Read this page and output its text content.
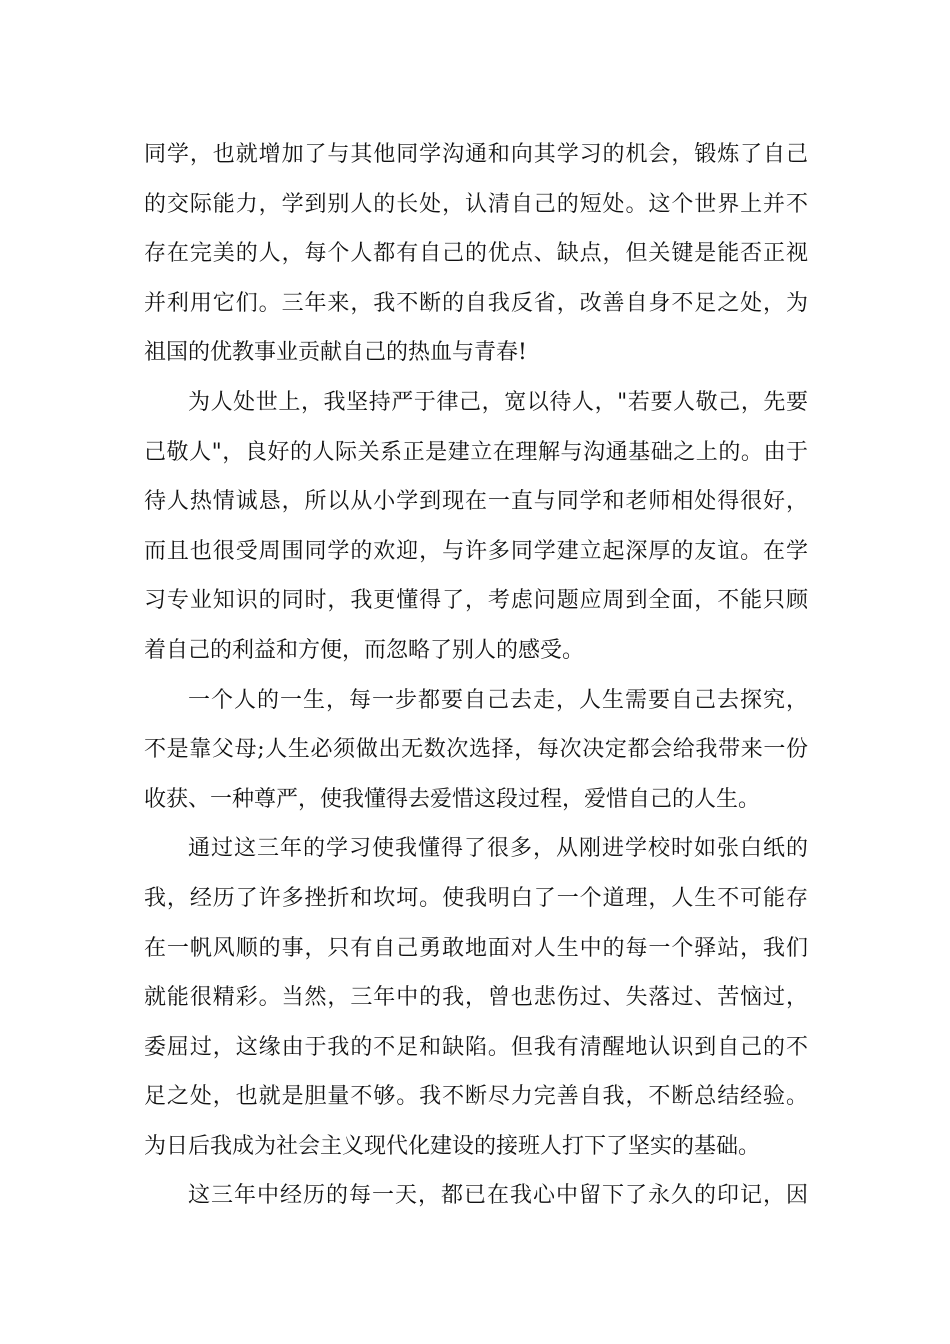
同学，也就增加了与其他同学沟通和向其学习的机会，锻炼了自己
的交际能力，学到别人的长处，认清自己的短处。这个世界上并不
存在完美的人，每个人都有自己的优点、缺点，但关键是能否正视
并利用它们。三年来，我不断的自我反省，改善自身不足之处，为
祖国的优教事业贡献自己的热血与青春!
为人处世上，我坚持严于律己，宽以待人，"若要人敬己，先要
己敬人"，良好的人际关系正是建立在理解与沟通基础之上的。由于
待人热情诚恳，所以从小学到现在一直与同学和老师相处得很好，
而且也很受周围同学的欢迎，与许多同学建立起深厚的友谊。在学
习专业知识的同时，我更懂得了，考虑问题应周到全面，不能只顾
着自己的利益和方便，而忽略了别人的感受。
一个人的一生，每一步都要自己去走，人生需要自己去探究，
不是靠父母;人生必须做出无数次选择，每次决定都会给我带来一份
收获、一种尊严，使我懂得去爱惜这段过程，爱惜自己的人生。
通过这三年的学习使我懂得了很多，从刚进学校时如张白纸的
我，经历了许多挫折和坎坷。使我明白了一个道理，人生不可能存
在一帆风顺的事，只有自己勇敢地面对人生中的每一个驿站，我们
就能很精彩。当然，三年中的我，曾也悲伤过、失落过、苦恼过，
委屈过，这缘由于我的不足和缺陷。但我有清醒地认识到自己的不
足之处，也就是胆量不够。我不断尽力完善自我，不断总结经验。
为日后我成为社会主义现代化建设的接班人打下了坚实的基础。
这三年中经历的每一天，都已在我心中留下了永久的印记，因
